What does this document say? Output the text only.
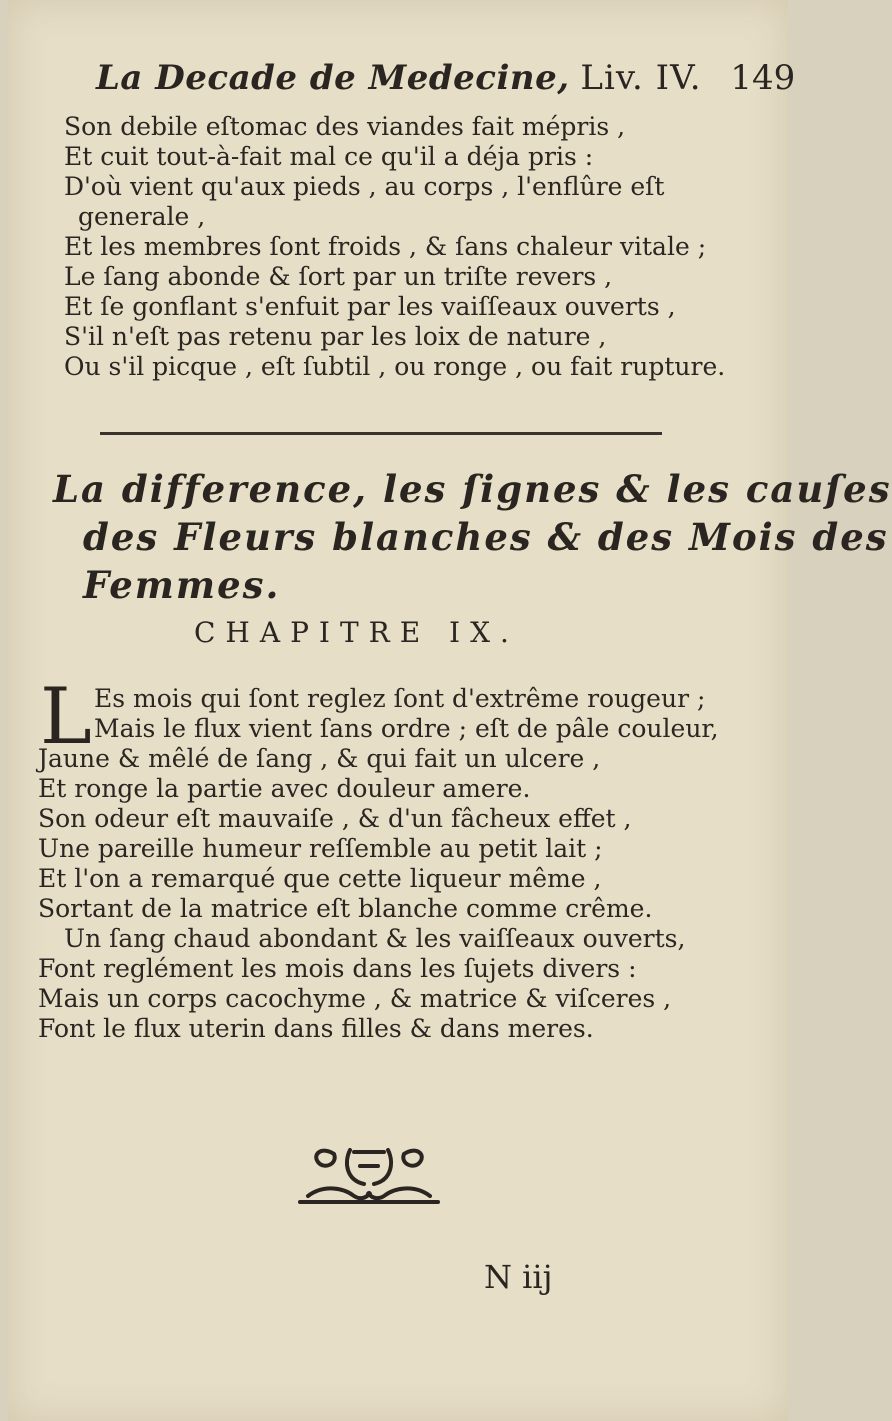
La Decade de Medecine, Liv. IV. 149
Son debile eſtomac des viandes fait mépris ,
Et cuit tout-à-fait mal ce qu'il a déja pris :
D'où vient qu'aux pieds , au corps , l'enflûre eſt
generale ,
Et les membres ſont froids , & ſans chaleur vitale ;
Le ſang abonde & ſort par un triſte revers ,
Et ſe gonflant s'enfuit par les vaiſſeaux ouverts ,
S'il n'eſt pas retenu par les loix de nature ,
Ou s'il picque , eſt ſubtil , ou ronge , ou fait rupture.
La difference, les ſignes & les cauſes
des Fleurs blanches & des Mois des
Femmes.
CHAPITRE IX.
L Es mois qui ſont reglez ſont d'extrême rougeur ;
Mais le flux vient ſans ordre ; eſt de pâle couleur,
Jaune & mêlé de ſang , & qui fait un ulcere ,
Et ronge la partie avec douleur amere.
Son odeur eſt mauvaiſe , & d'un fâcheux effet ,
Une pareille humeur reſſemble au petit lait ;
Et l'on a remarqué que cette liqueur même ,
Sortant de la matrice eſt blanche comme crême.
Un ſang chaud abondant & les vaiſſeaux ouverts,
Font reglément les mois dans les ſujets divers :
Mais un corps cacochyme , & matrice & viſceres ,
Font le flux uterin dans filles & dans meres.
N iij
